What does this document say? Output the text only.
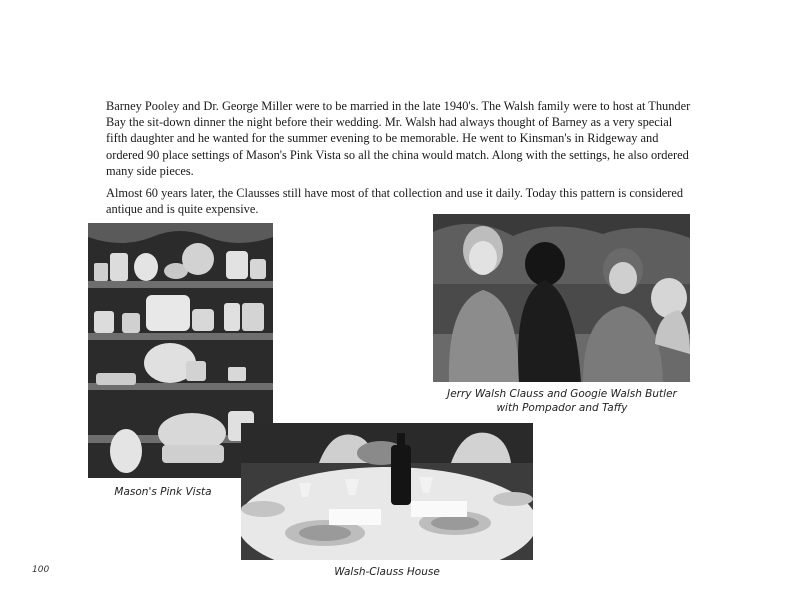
Barney Pooley and Dr. George Miller were to be married in the late 1940's. The Walsh family were to host at Thunder Bay the sit-down dinner the night before their wedding. Mr. Walsh had always thought of Barney as a very special fifth daughter and he wanted for the summer evening to be memorable. He went to Kinsman's in Ridgeway and ordered 90 place settings of Mason's Pink Vista so all the china would match. Along with the settings, he also ordered many side pieces.

Almost 60 years later, the Clausses still have most of that collection and use it daily. Today this pattern is considered antique and is quite expensive.

Mason's Pink Vista
Jerry Walsh Clauss and Googie Walsh Butler
with Pompador and Taffy
Walsh-Clauss House
100
